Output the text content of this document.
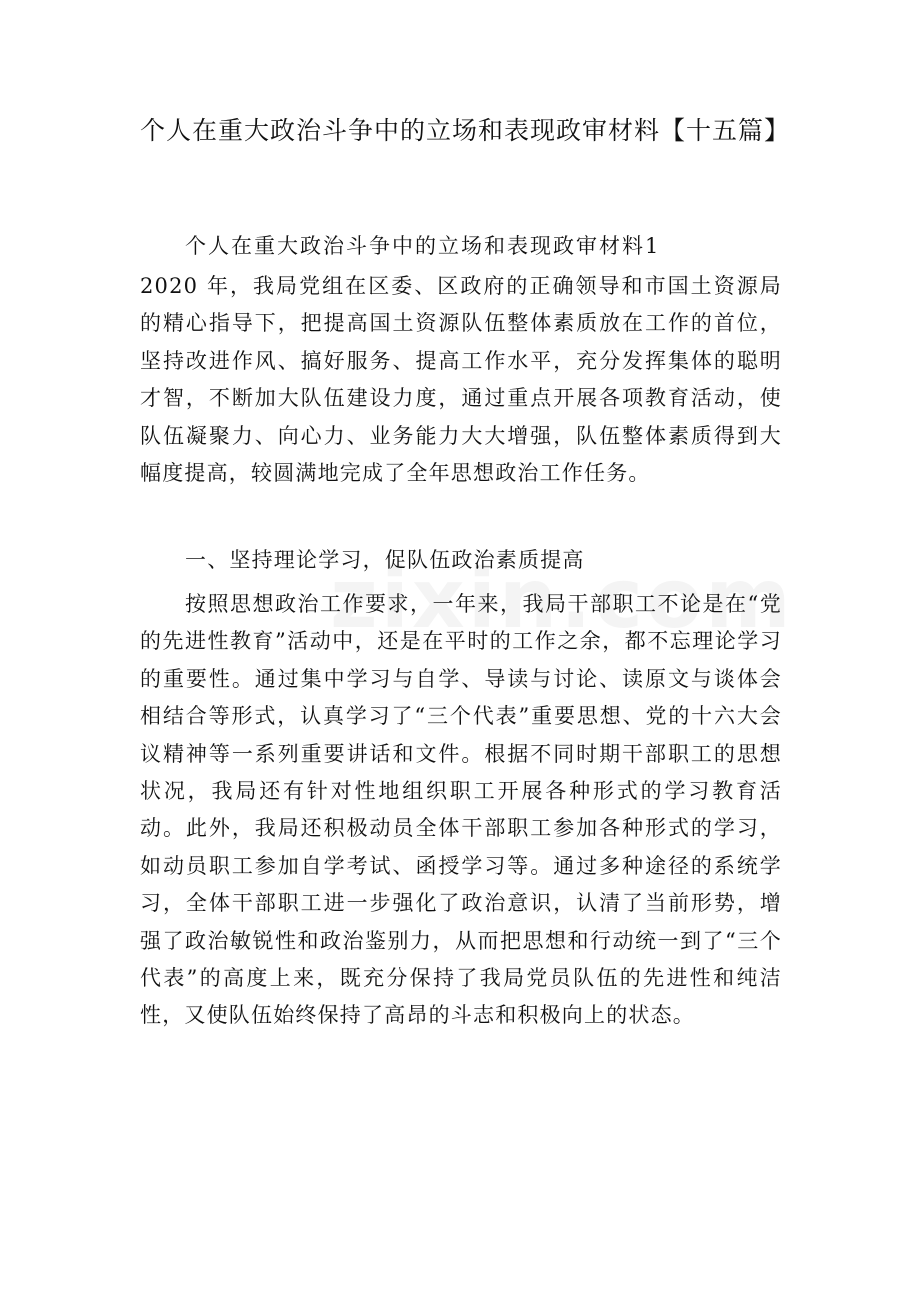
个人在重大政治斗争中的立场和表现政审材料【十五篇】
个人在重大政治斗争中的立场和表现政审材料1

2020 年，我局党组在区委、区政府的正确领导和市国土资源局的精心指导下，把提高国土资源队伍整体素质放在工作的首位，坚持改进作风、搞好服务、提高工作水平，充分发挥集体的聪明才智，不断加大队伍建设力度，通过重点开展各项教育活动，使队伍凝聚力、向心力、业务能力大大增强，队伍整体素质得到大幅度提高，较圆满地完成了全年思想政治工作任务。

一、坚持理论学习，促队伍政治素质提高

按照思想政治工作要求，一年来，我局干部职工不论是在“党的先进性教育”活动中，还是在平时的工作之余，都不忘理论学习的重要性。通过集中学习与自学、导读与讨论、读原文与谈体会相结合等形式，认真学习了“三个代表”重要思想、党的十六大会议精神等一系列重要讲话和文件。根据不同时期干部职工的思想状况，我局还有针对性地组织职工开展各种形式的学习教育活动。此外，我局还积极动员全体干部职工参加各种形式的学习，如动员职工参加自学考试、函授学习等。通过多种途径的系统学习，全体干部职工进一步强化了政治意识，认清了当前形势，增强了政治敏锐性和政治鉴别力，从而把思想和行动统一到了“三个代表”的高度上来，既充分保持了我局党员队伍的先进性和纯洁性，又使队伍始终保持了高昂的斗志和积极向上的状态。
